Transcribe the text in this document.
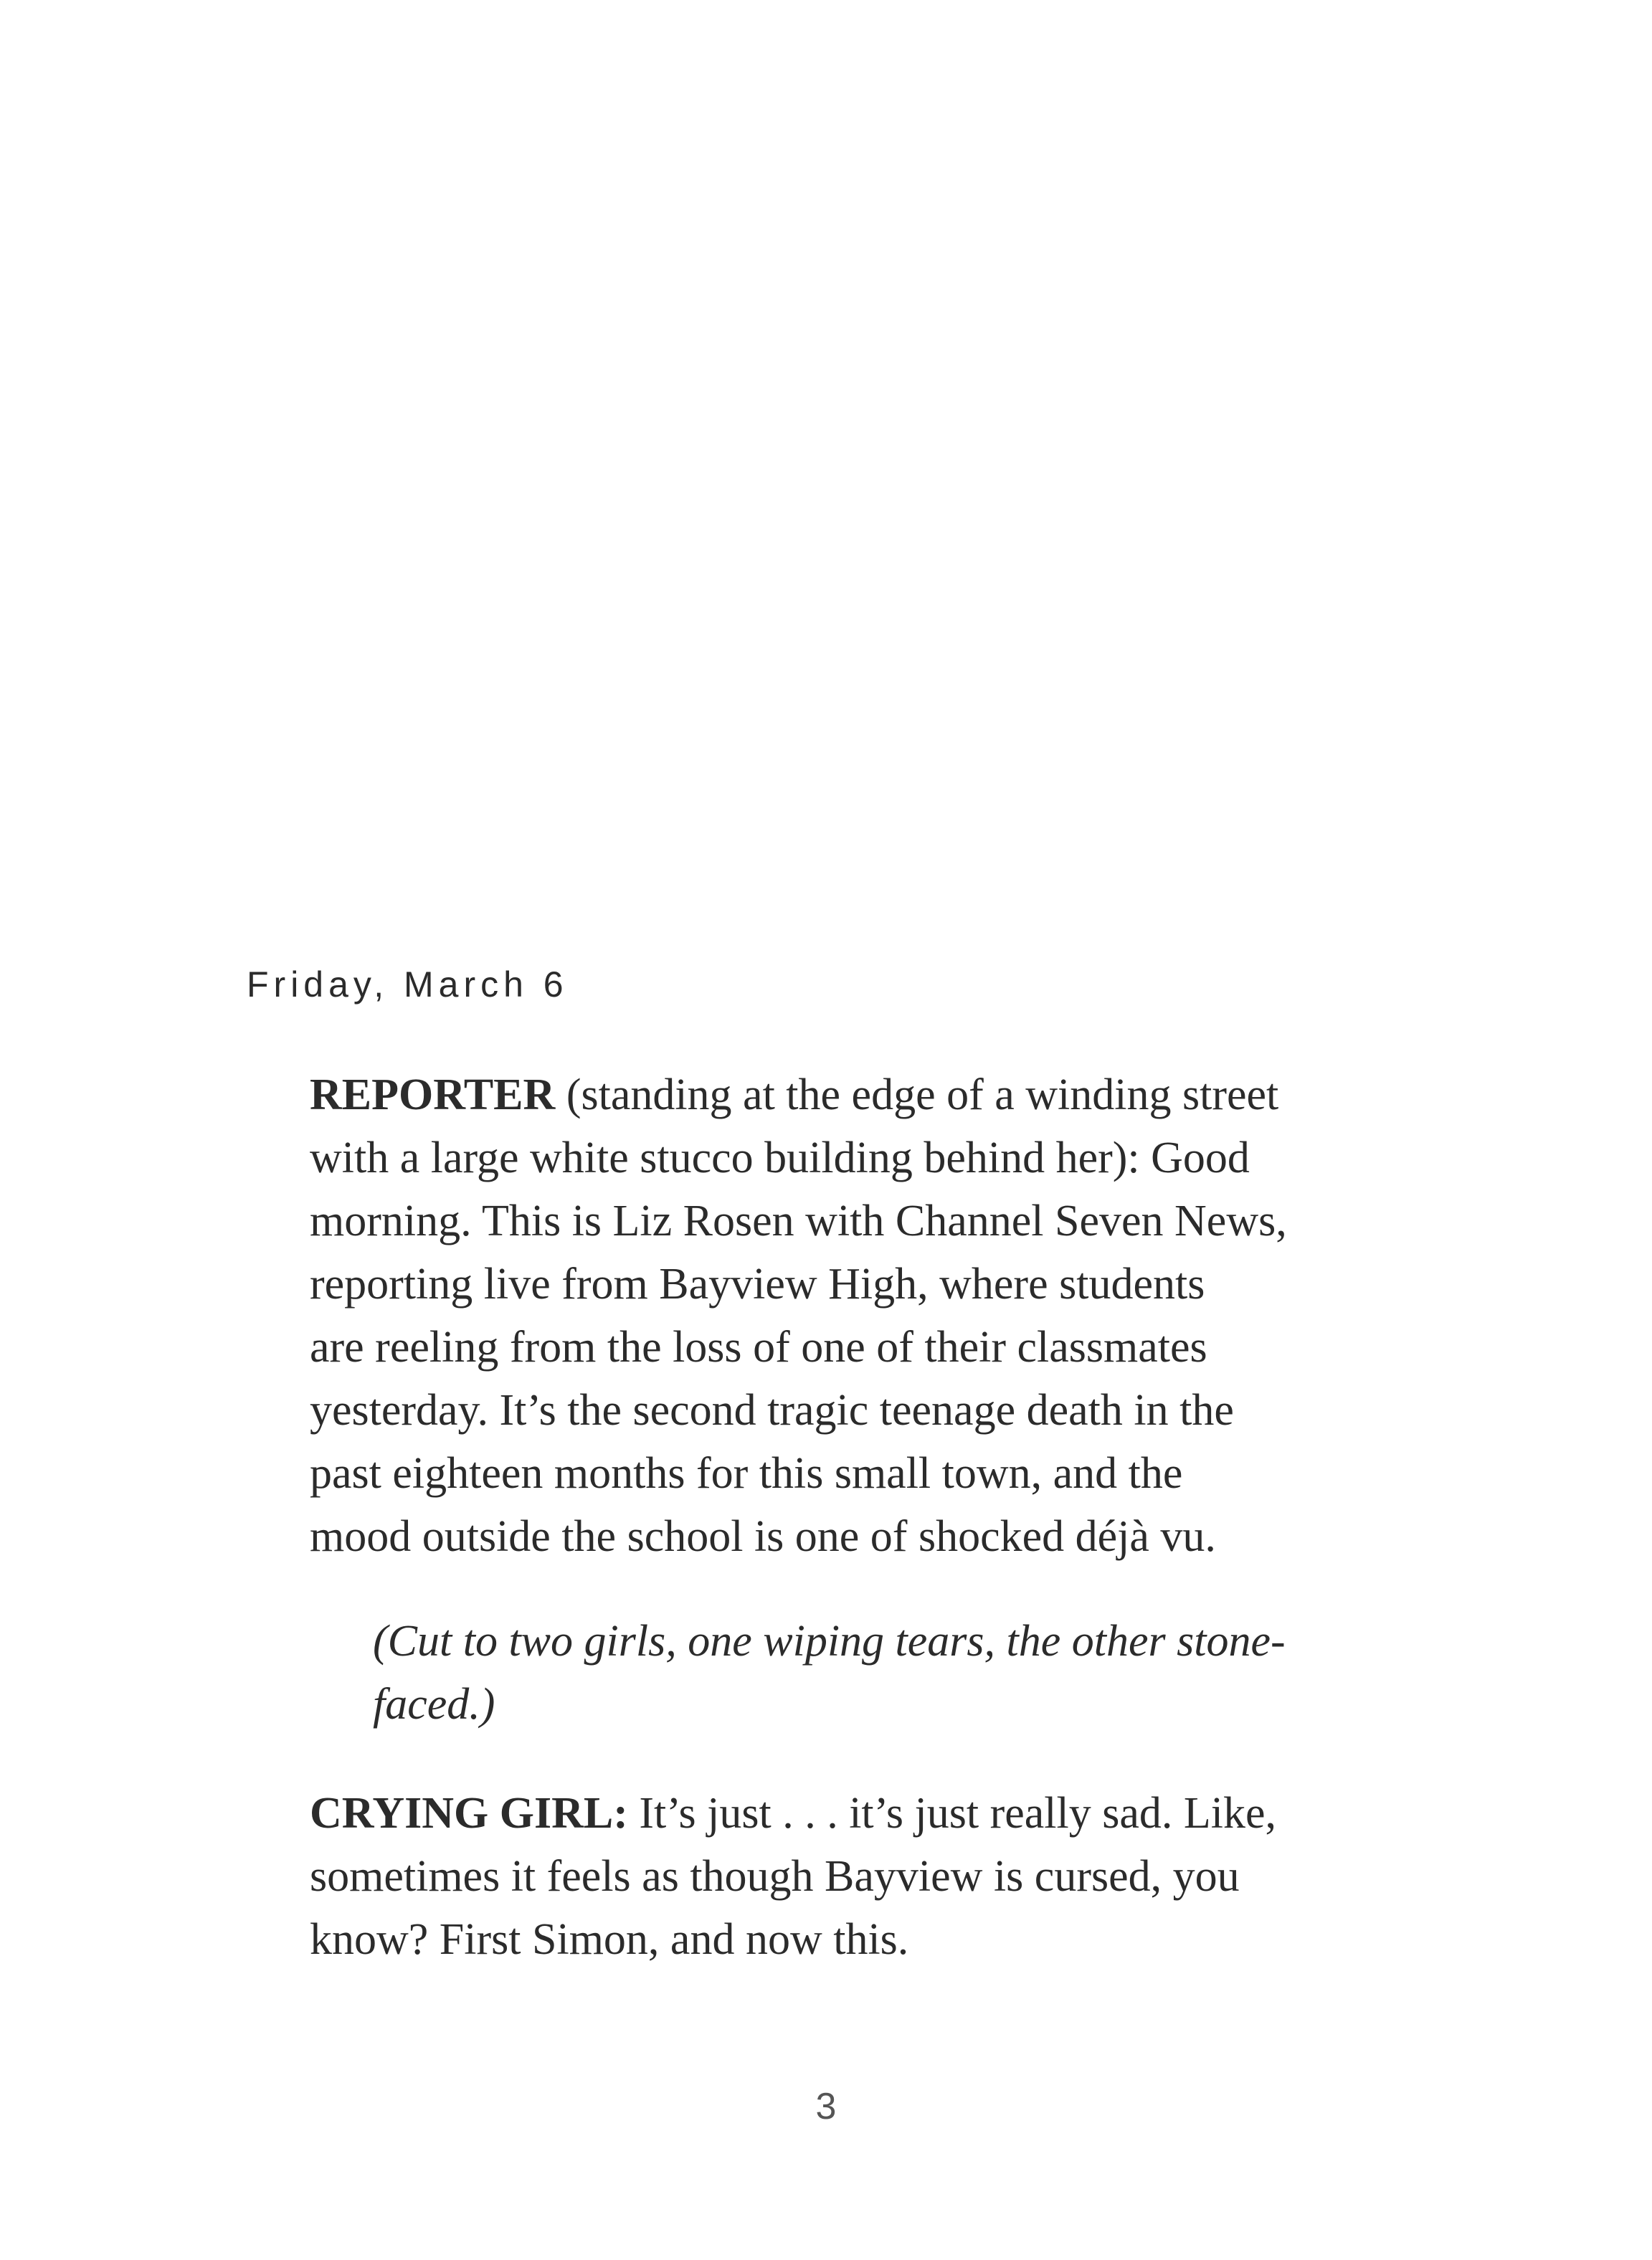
Friday, March 6
REPORTER (standing at the edge of a winding street
with a large white stucco building behind her): Good
morning. This is Liz Rosen with Channel Seven News,
reporting live from Bayview High, where students
are reeling from the loss of one of their classmates
yesterday. It’s the second tragic teenage death in the
past eighteen months for this small town, and the
mood outside the school is one of shocked déjà vu.
(Cut to two girls, one wiping tears, the other stone-
faced.)
CRYING GIRL: It’s just . . . it’s just really sad. Like,
sometimes it feels as though Bayview is cursed, you
know? First Simon, and now this.
3
